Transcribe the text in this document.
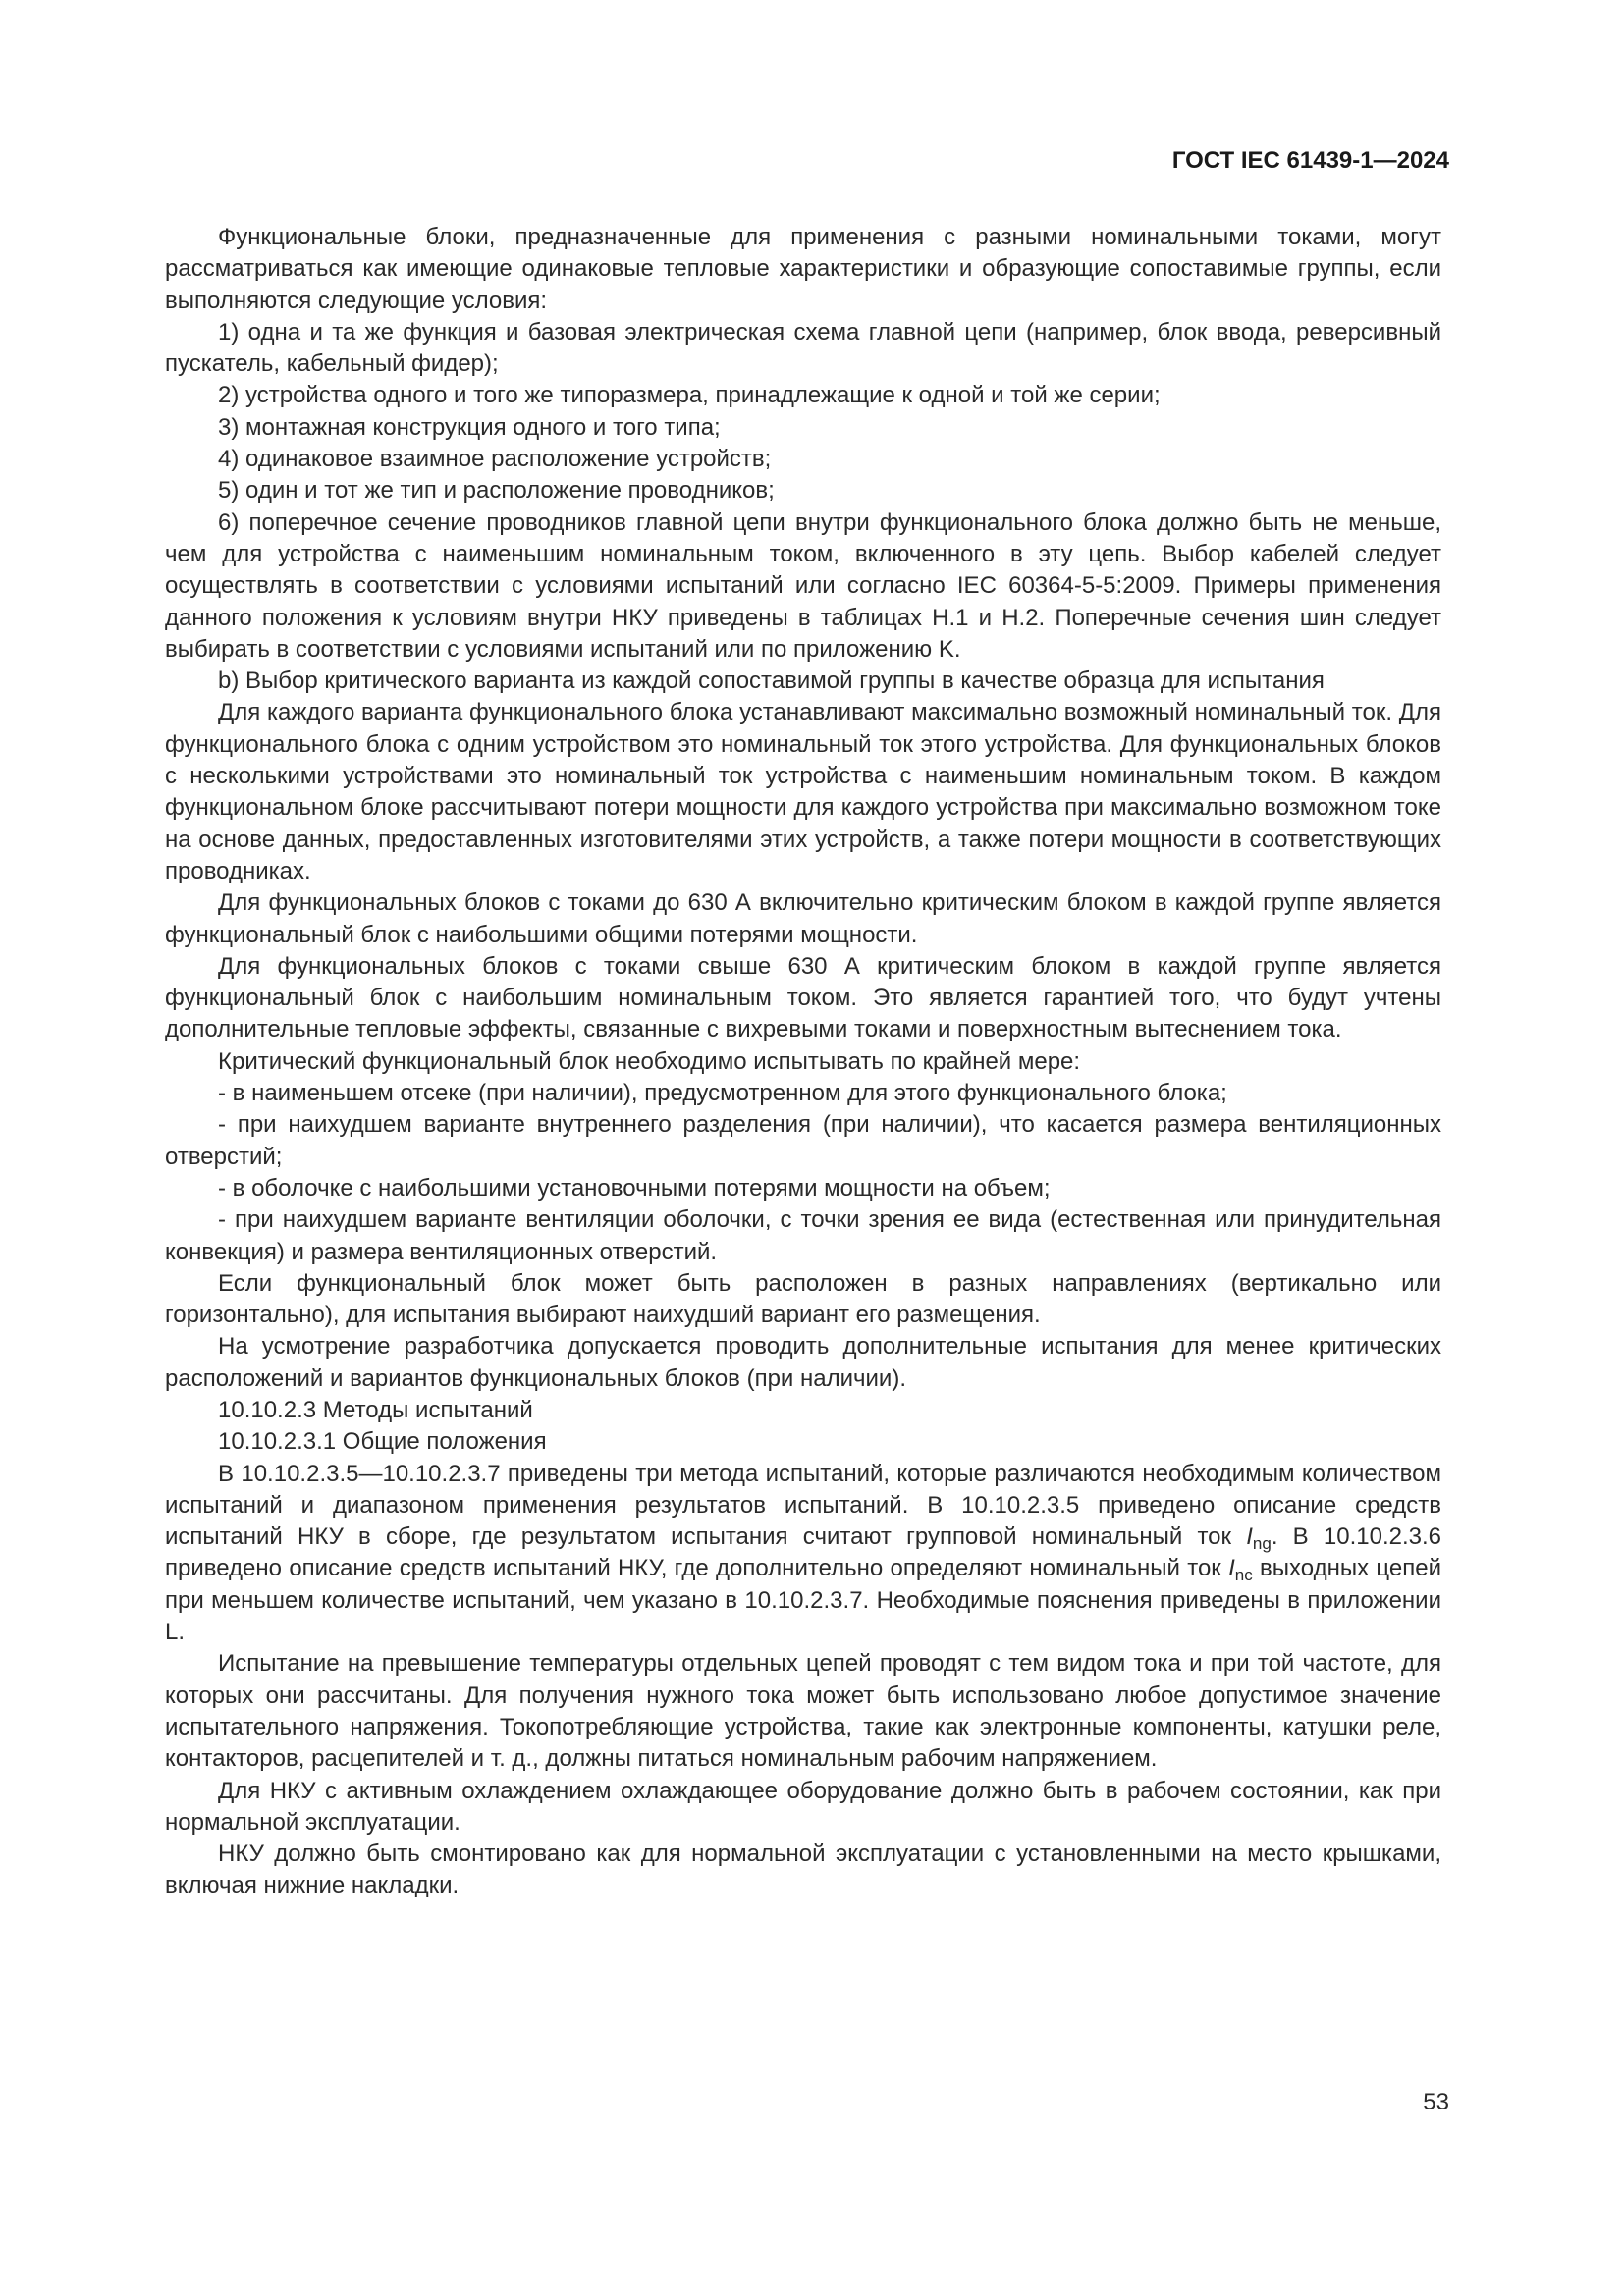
ГОСТ IEC 61439-1—2024

Функциональные блоки, предназначенные для применения с разными номинальными токами, могут рассматриваться как имеющие одинаковые тепловые характеристики и образующие сопоставимые группы, если выполняются следующие условия:

1) одна и та же функция и базовая электрическая схема главной цепи (например, блок ввода, реверсивный пускатель, кабельный фидер);

2) устройства одного и того же типоразмера, принадлежащие к одной и той же серии;

3) монтажная конструкция одного и того типа;

4) одинаковое взаимное расположение устройств;

5) один и тот же тип и расположение проводников;

6) поперечное сечение проводников главной цепи внутри функционального блока должно быть не меньше, чем для устройства с наименьшим номинальным током, включенного в эту цепь. Выбор кабелей следует осуществлять в соответствии с условиями испытаний или согласно IEC 60364-5-5:2009. Примеры применения данного положения к условиям внутри НКУ приведены в таблицах H.1 и H.2. Поперечные сечения шин следует выбирать в соответствии с условиями испытаний или по приложению K.

b) Выбор критического варианта из каждой сопоставимой группы в качестве образца для испытания

Для каждого варианта функционального блока устанавливают максимально возможный номинальный ток. Для функционального блока с одним устройством это номинальный ток этого устройства. Для функциональных блоков с несколькими устройствами это номинальный ток устройства с наименьшим номинальным током. В каждом функциональном блоке рассчитывают потери мощности для каждого устройства при максимально возможном токе на основе данных, предоставленных изготовителями этих устройств, а также потери мощности в соответствующих проводниках.

Для функциональных блоков с токами до 630 А включительно критическим блоком в каждой группе является функциональный блок с наибольшими общими потерями мощности.

Для функциональных блоков с токами свыше 630 А критическим блоком в каждой группе является функциональный блок с наибольшим номинальным током. Это является гарантией того, что будут учтены дополнительные тепловые эффекты, связанные с вихревыми токами и поверхностным вытеснением тока.

Критический функциональный блок необходимо испытывать по крайней мере:

- в наименьшем отсеке (при наличии), предусмотренном для этого функционального блока;

- при наихудшем варианте внутреннего разделения (при наличии), что касается размера вентиляционных отверстий;

- в оболочке с наибольшими установочными потерями мощности на объем;

- при наихудшем варианте вентиляции оболочки, с точки зрения ее вида (естественная или принудительная конвекция) и размера вентиляционных отверстий.

Если функциональный блок может быть расположен в разных направлениях (вертикально или горизонтально), для испытания выбирают наихудший вариант его размещения.

На усмотрение разработчика допускается проводить дополнительные испытания для менее критических расположений и вариантов функциональных блоков (при наличии).

10.10.2.3 Методы испытаний

10.10.2.3.1 Общие положения

В 10.10.2.3.5—10.10.2.3.7 приведены три метода испытаний, которые различаются необходимым количеством испытаний и диапазоном применения результатов испытаний. В 10.10.2.3.5 приведено описание средств испытаний НКУ в сборе, где результатом испытания считают групповой номинальный ток $I_{ng}$. В 10.10.2.3.6 приведено описание средств испытаний НКУ, где дополнительно определяют номинальный ток $I_{nc}$ выходных цепей при меньшем количестве испытаний, чем указано в 10.10.2.3.7. Необходимые пояснения приведены в приложении L.

Испытание на превышение температуры отдельных цепей проводят с тем видом тока и при той частоте, для которых они рассчитаны. Для получения нужного тока может быть использовано любое допустимое значение испытательного напряжения. Токопотребляющие устройства, такие как электронные компоненты, катушки реле, контакторов, расцепителей и т. д., должны питаться номинальным рабочим напряжением.

Для НКУ с активным охлаждением охлаждающее оборудование должно быть в рабочем состоянии, как при нормальной эксплуатации.

НКУ должно быть смонтировано как для нормальной эксплуатации с установленными на место крышками, включая нижние накладки.

53
